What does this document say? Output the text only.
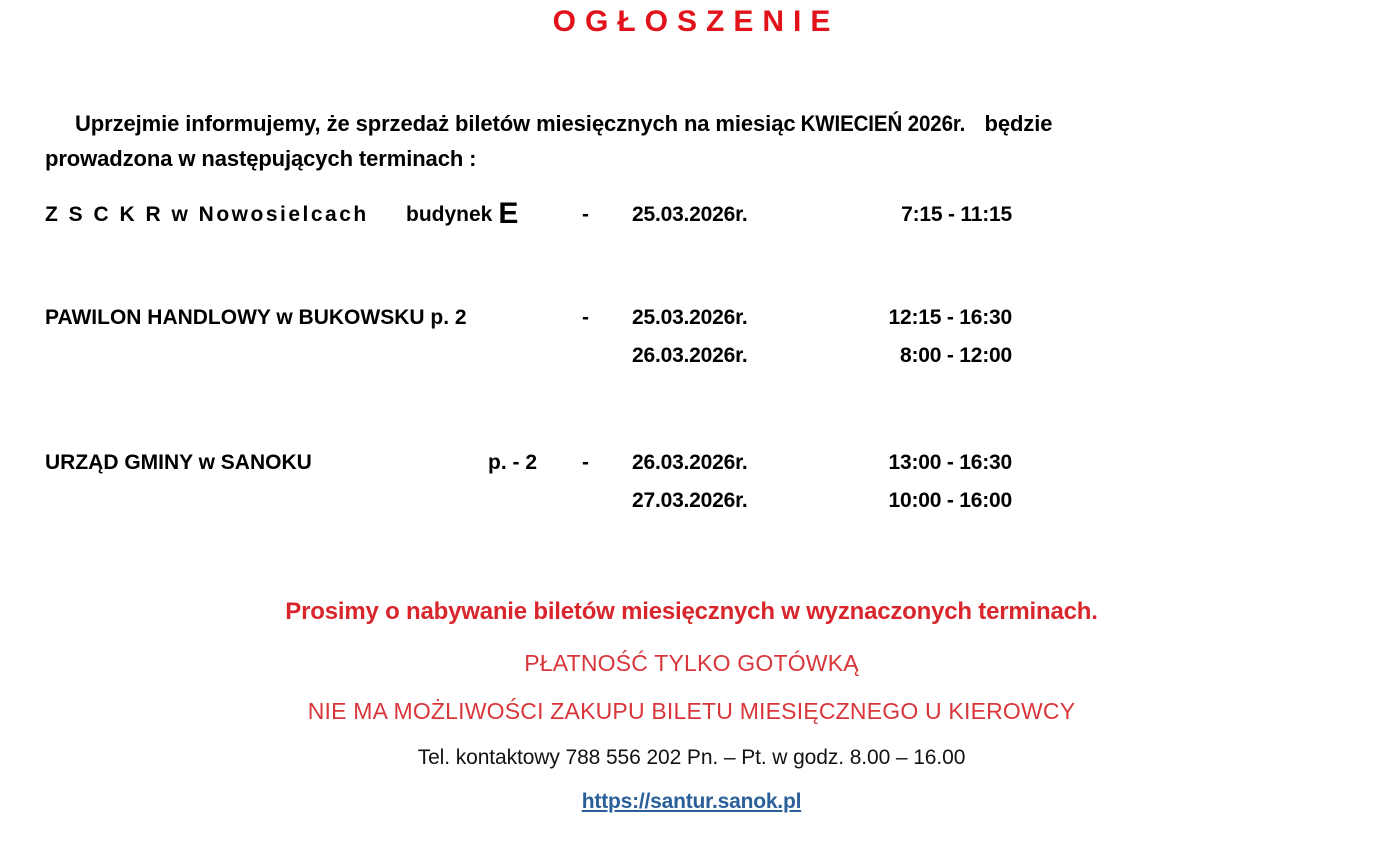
OGŁOSZENIE
Uprzejmie informujemy, że sprzedaż biletów miesięcznych na miesiąc KWIECIEŃ 2026r. będzie
prowadzona w następujących terminach :
Z S C K R w Nowosielcach budynek E	- 25.03.2026r.	7:15 - 11:15
PAWILON HANDLOWY w BUKOWSKU p. 2	- 25.03.2026r.	12:15 - 16:30
26.03.2026r.	8:00 - 12:00
URZĄD GMINY w SANOKU	p. - 2 - 26.03.2026r.	13:00 - 16:30
27.03.2026r.	10:00 - 16:00
Prosimy o nabywanie biletów miesięcznych w wyznaczonych terminach.
PŁATNOŚĆ TYLKO GOTÓWKĄ
NIE MA MOŻLIWOŚCI ZAKUPU BILETU MIESIĘCZNEGO U KIEROWCY
Tel. kontaktowy 788 556 202 Pn. – Pt. w godz. 8.00 – 16.00
https://santur.sanok.pl
